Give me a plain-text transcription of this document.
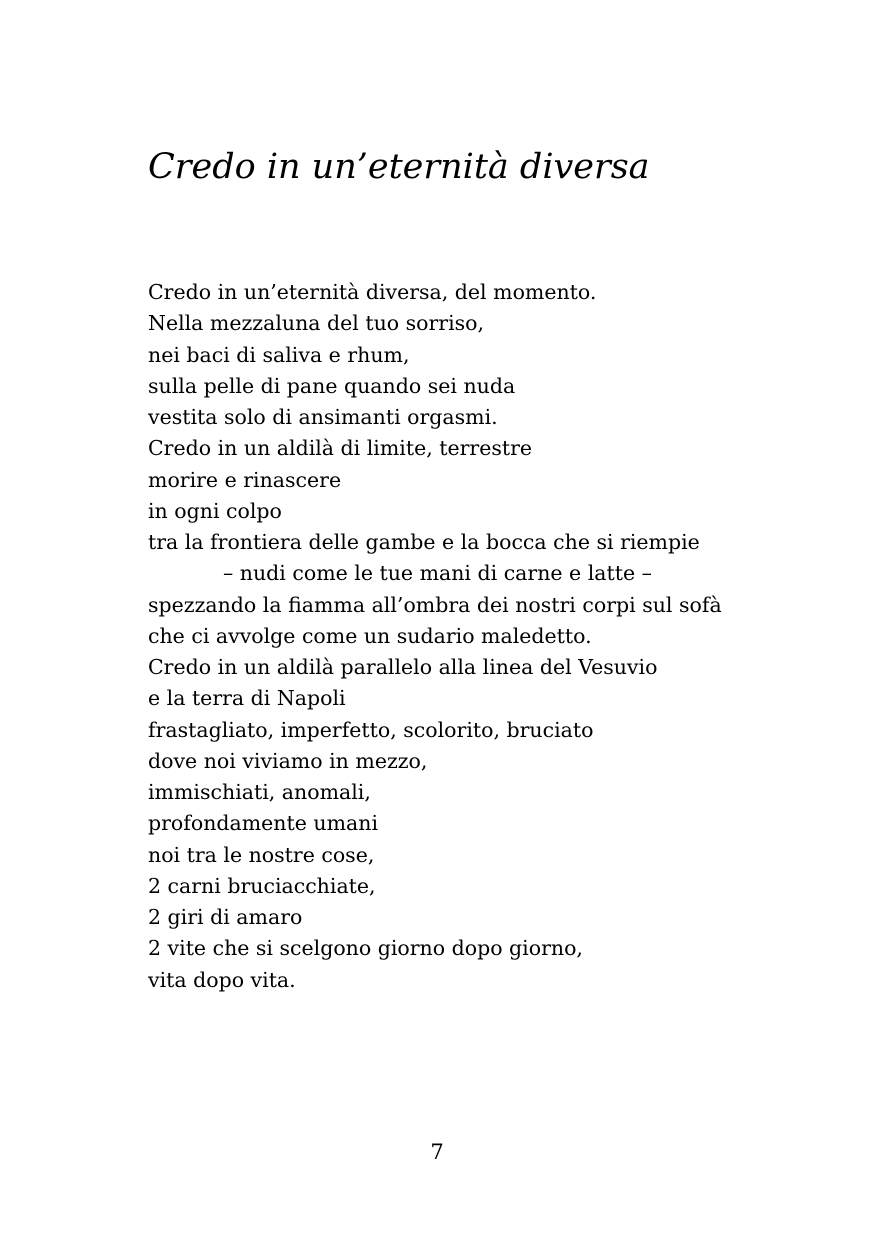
Credo in un’eternità diversa
Credo in un’eternità diversa, del momento.
Nella mezzaluna del tuo sorriso,
nei baci di saliva e rhum,
sulla pelle di pane quando sei nuda
vestita solo di ansimanti orgasmi.
Credo in un aldilà di limite, terrestre
morire e rinascere
in ogni colpo
tra la frontiera delle gambe e la bocca che si riempie
– nudi come le tue mani di carne e latte –
spezzando la fiamma all’ombra dei nostri corpi sul sofà
che ci avvolge come un sudario maledetto.
Credo in un aldilà parallelo alla linea del Vesuvio
e la terra di Napoli
frastagliato, imperfetto, scolorito, bruciato
dove noi viviamo in mezzo,
immischiati, anomali,
profondamente umani
noi tra le nostre cose,
2 carni bruciacchiate,
2 giri di amaro
2 vite che si scelgono giorno dopo giorno,
vita dopo vita.
7
